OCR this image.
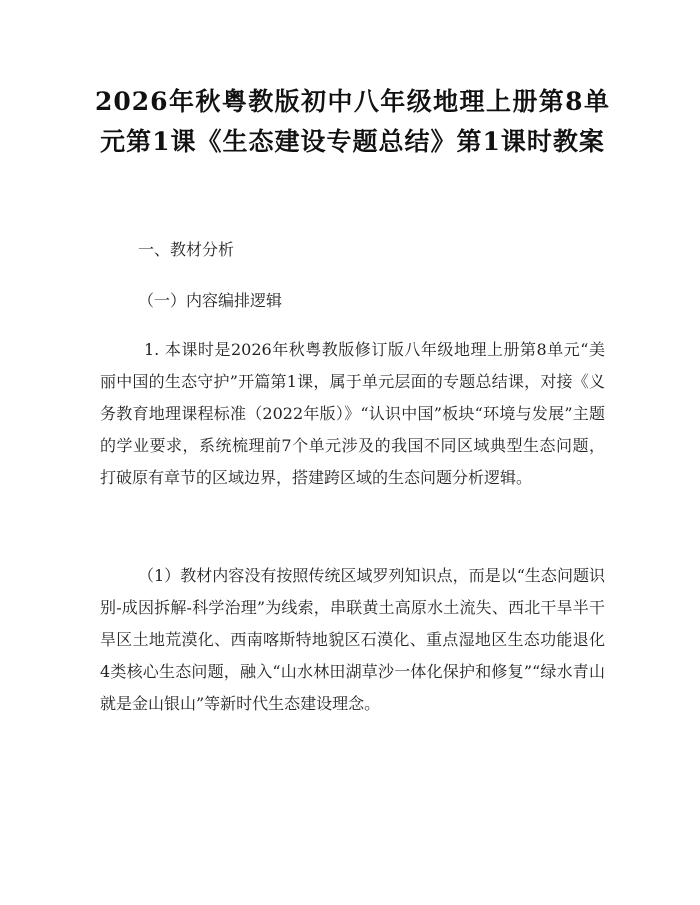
2026年秋粤教版初中八年级地理上册第8单元第1课《生态建设专题总结》第1课时教案

一、教材分析

（一）内容编排逻辑

1. 本课时是2026年秋粤教版修订版八年级地理上册第8单元“美丽中国的生态守护”开篇第1课，属于单元层面的专题总结课，对接《义务教育地理课程标准（2022年版）》“认识中国”板块“环境与发展”主题的学业要求，系统梳理前7个单元涉及的我国不同区域典型生态问题，打破原有章节的区域边界，搭建跨区域的生态问题分析逻辑。

（1）教材内容没有按照传统区域罗列知识点，而是以“生态问题识别-成因拆解-科学治理”为线索，串联黄土高原水土流失、西北干旱半干旱区土地荒漠化、西南喀斯特地貌区石漠化、重点湿地区生态功能退化4类核心生态问题，融入“山水林田湖草沙一体化保护和修复”“绿水青山就是金山银山”等新时代生态建设理念。
